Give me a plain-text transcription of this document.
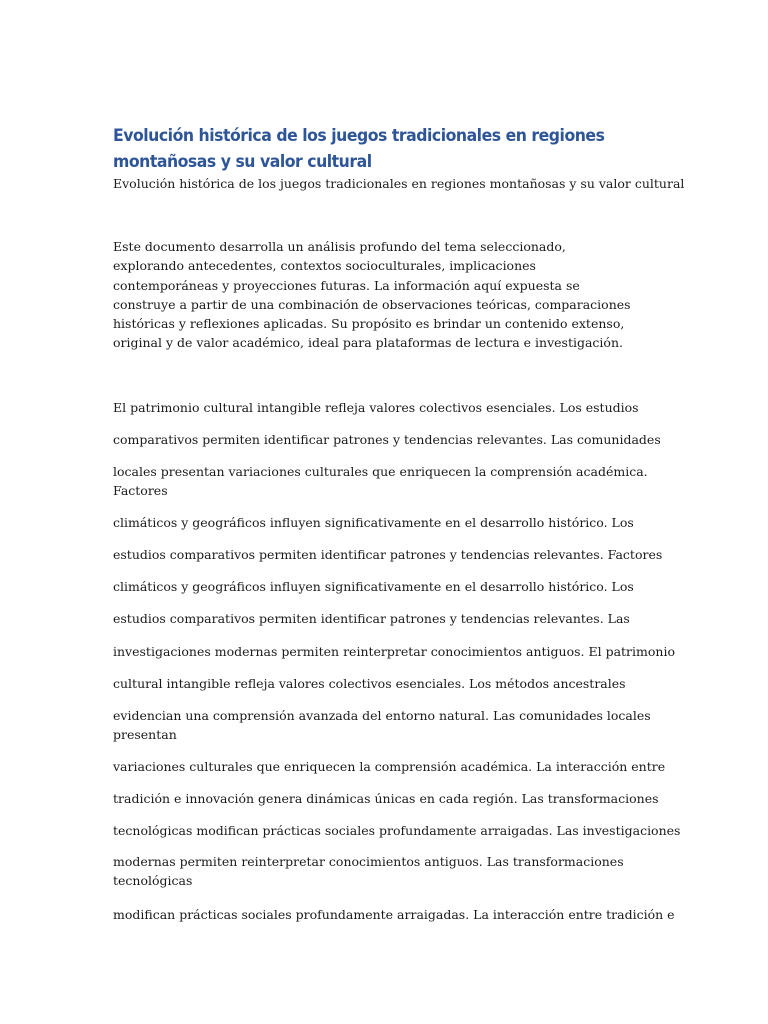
Evolución histórica de los juegos tradicionales en regiones montañosas y su valor cultural

Evolución histórica de los juegos tradicionales en regiones montañosas y su valor cultural

Este documento desarrolla un análisis profundo del tema seleccionado, explorando antecedentes, contextos socioculturales, implicaciones contemporáneas y proyecciones futuras. La información aquí expuesta se construye a partir de una combinación de observaciones teóricas, comparaciones históricas y reflexiones aplicadas. Su propósito es brindar un contenido extenso, original y de valor académico, ideal para plataformas de lectura e investigación.

El patrimonio cultural intangible refleja valores colectivos esenciales. Los estudios

comparativos permiten identificar patrones y tendencias relevantes. Las comunidades

locales presentan variaciones culturales que enriquecen la comprensión académica.

Factores

climáticos y geográficos influyen significativamente en el desarrollo histórico. Los

estudios comparativos permiten identificar patrones y tendencias relevantes. Factores

climáticos y geográficos influyen significativamente en el desarrollo histórico. Los

estudios comparativos permiten identificar patrones y tendencias relevantes. Las

investigaciones modernas permiten reinterpretar conocimientos antiguos. El patrimonio

cultural intangible refleja valores colectivos esenciales. Los métodos ancestrales

evidencian una comprensión avanzada del entorno natural. Las comunidades locales

presentan

variaciones culturales que enriquecen la comprensión académica. La interacción entre

tradición e innovación genera dinámicas únicas en cada región. Las transformaciones

tecnológicas modifican prácticas sociales profundamente arraigadas. Las investigaciones

modernas permiten reinterpretar conocimientos antiguos. Las transformaciones

tecnológicas

modifican prácticas sociales profundamente arraigadas. La interacción entre tradición e
